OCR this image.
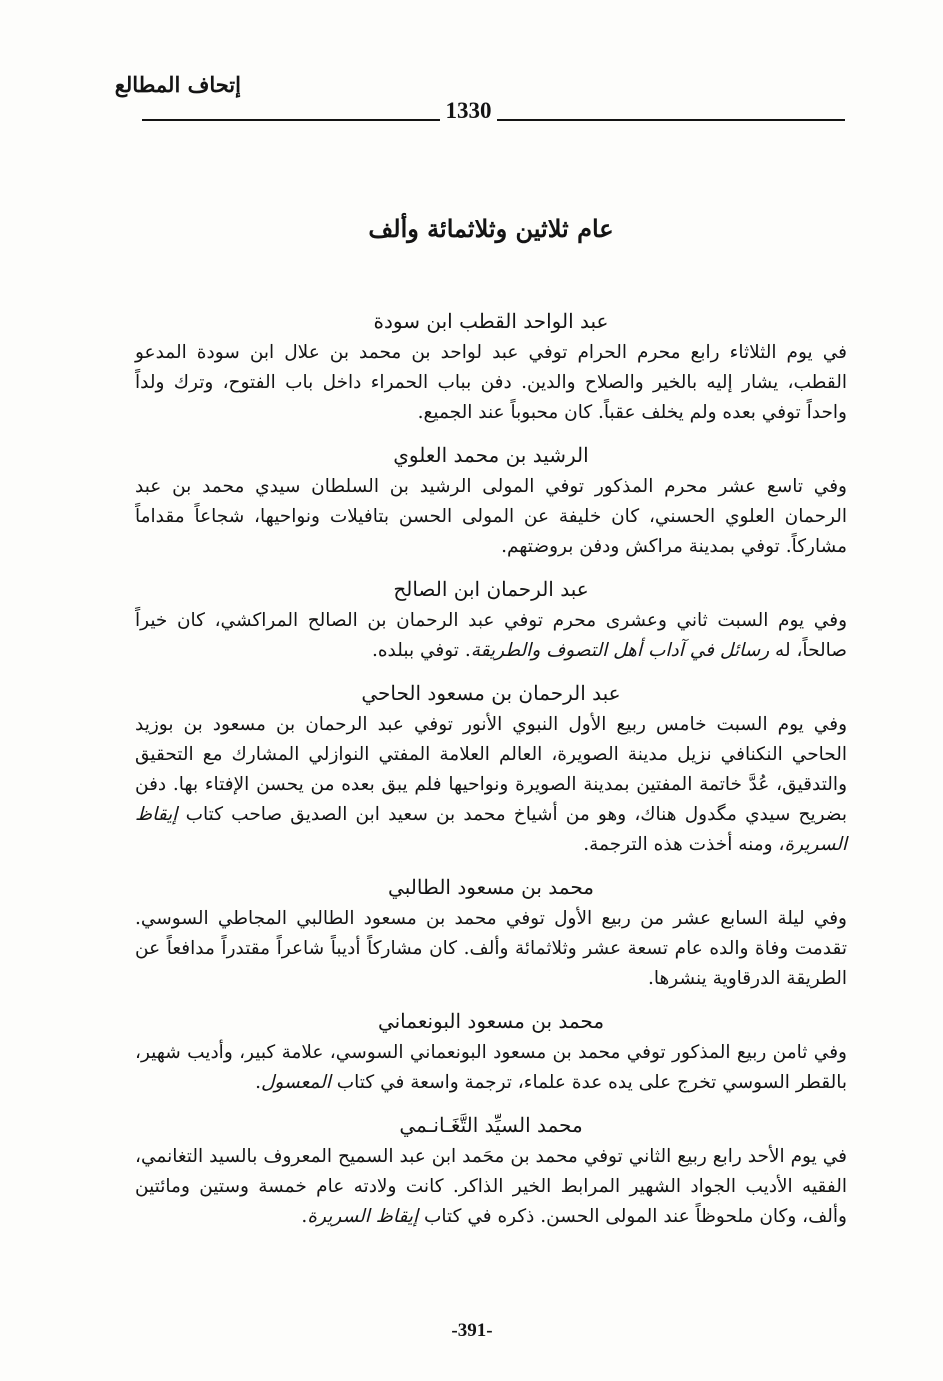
إتحاف المطالع
1330
عام ثلاثين وثلاثمائة وألف
عبد الواحد القطب ابن سودة

في يوم الثلاثاء رابع محرم الحرام توفي عبد لواحد بن محمد بن علال ابن سودة المدعو القطب، يشار إليه بالخير والصلاح والدين. دفن بباب الحمراء داخل باب الفتوح، وترك ولداً واحداً توفي بعده ولم يخلف عقباً. كان محبوباً عند الجميع.

الرشيد بن محمد العلوي

وفي تاسع عشر محرم المذكور توفي المولى الرشيد بن السلطان سيدي محمد بن عبد الرحمان العلوي الحسني، كان خليفة عن المولى الحسن بتافيلات ونواحيها، شجاعاً مقداماً مشاركاً. توفي بمدينة مراكش ودفن بروضتهم.

عبد الرحمان ابن الصالح

وفي يوم السبت ثاني وعشرى محرم توفي عبد الرحمان بن الصالح المراكشي، كان خيراً صالحاً، له رسائل في آداب أهل التصوف والطريقة. توفي ببلده.

عبد الرحمان بن مسعود الحاحي

وفي يوم السبت خامس ربيع الأول النبوي الأنور توفي عبد الرحمان بن مسعود بن بوزيد الحاحي النكنافي نزيل مدينة الصويرة، العالم العلامة المفتي النوازلي المشارك مع التحقيق والتدقيق، عُدَّ خاتمة المفتين بمدينة الصويرة ونواحيها فلم يبق بعده من يحسن الإفتاء بها. دفن بضريح سيدي مگدول هناك، وهو من أشياخ محمد بن سعيد ابن الصديق صاحب كتاب إيقاظ السريرة، ومنه أخذت هذه الترجمة.

محمد بن مسعود الطالبي

وفي ليلة السابع عشر من ربيع الأول توفي محمد بن مسعود الطالبي المجاطي السوسي. تقدمت وفاة والده عام تسعة عشر وثلاثمائة وألف. كان مشاركاً أديباً شاعراً مقتدراً مدافعاً عن الطريقة الدرقاوية ينشرها.

محمد بن مسعود البونعماني

وفي ثامن ربيع المذكور توفي محمد بن مسعود البونعماني السوسي، علامة كبير، وأديب شهير، بالقطر السوسي تخرج على يده عدة علماء، ترجمة واسعة في كتاب المعسول.

محمد السيِّد التَّغَـانـمي

في يوم الأحد رابع ربيع الثاني توفي محمد بن محَمد ابن عبد السميح المعروف بالسيد التغانمي، الفقيه الأديب الجواد الشهير المرابط الخير الذاكر. كانت ولادته عام خمسة وستين ومائتين وألف، وكان ملحوظاً عند المولى الحسن. ذكره في كتاب إيقاظ السريرة.

-391-
